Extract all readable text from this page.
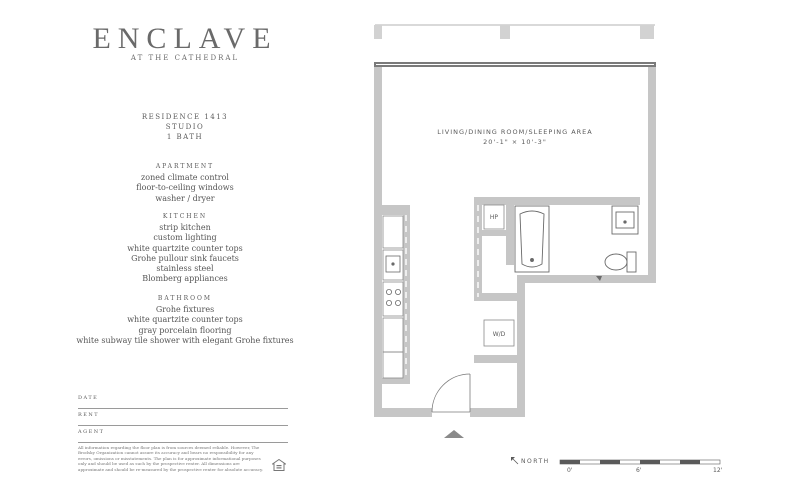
ENCLAVE
AT THE CATHEDRAL
RESIDENCE 1413
STUDIO
1 BATH
APARTMENT
zoned climate control
floor-to-ceiling windows
washer / dryer
KITCHEN
strip kitchen
custom lighting
white quartzite counter tops
Grohe pullour sink faucets
stainless steel
Blomberg appliances
BATHROOM
Grohe fixtures
white quartzite counter tops
gray porcelain flooring
white subway tile shower with elegant Grohe fixtures
DATE
RENT
AGENT
All information regarding the floor plan is from sources deemed reliable. However, The Brodsky Organization cannot assure its accuracy and bears no responsibility for any errors, omissions or misstatements. The plan is for approximate informational purposes only and should be used as such by the prospective renter. All dimensions are approximate and should be re-measured by the prospective renter for absolute accuracy.
LIVING/DINING ROOM/SLEEPING AREA
20'-1" × 10'-3"
HP
W/D
NORTH
0'	6'	12'
